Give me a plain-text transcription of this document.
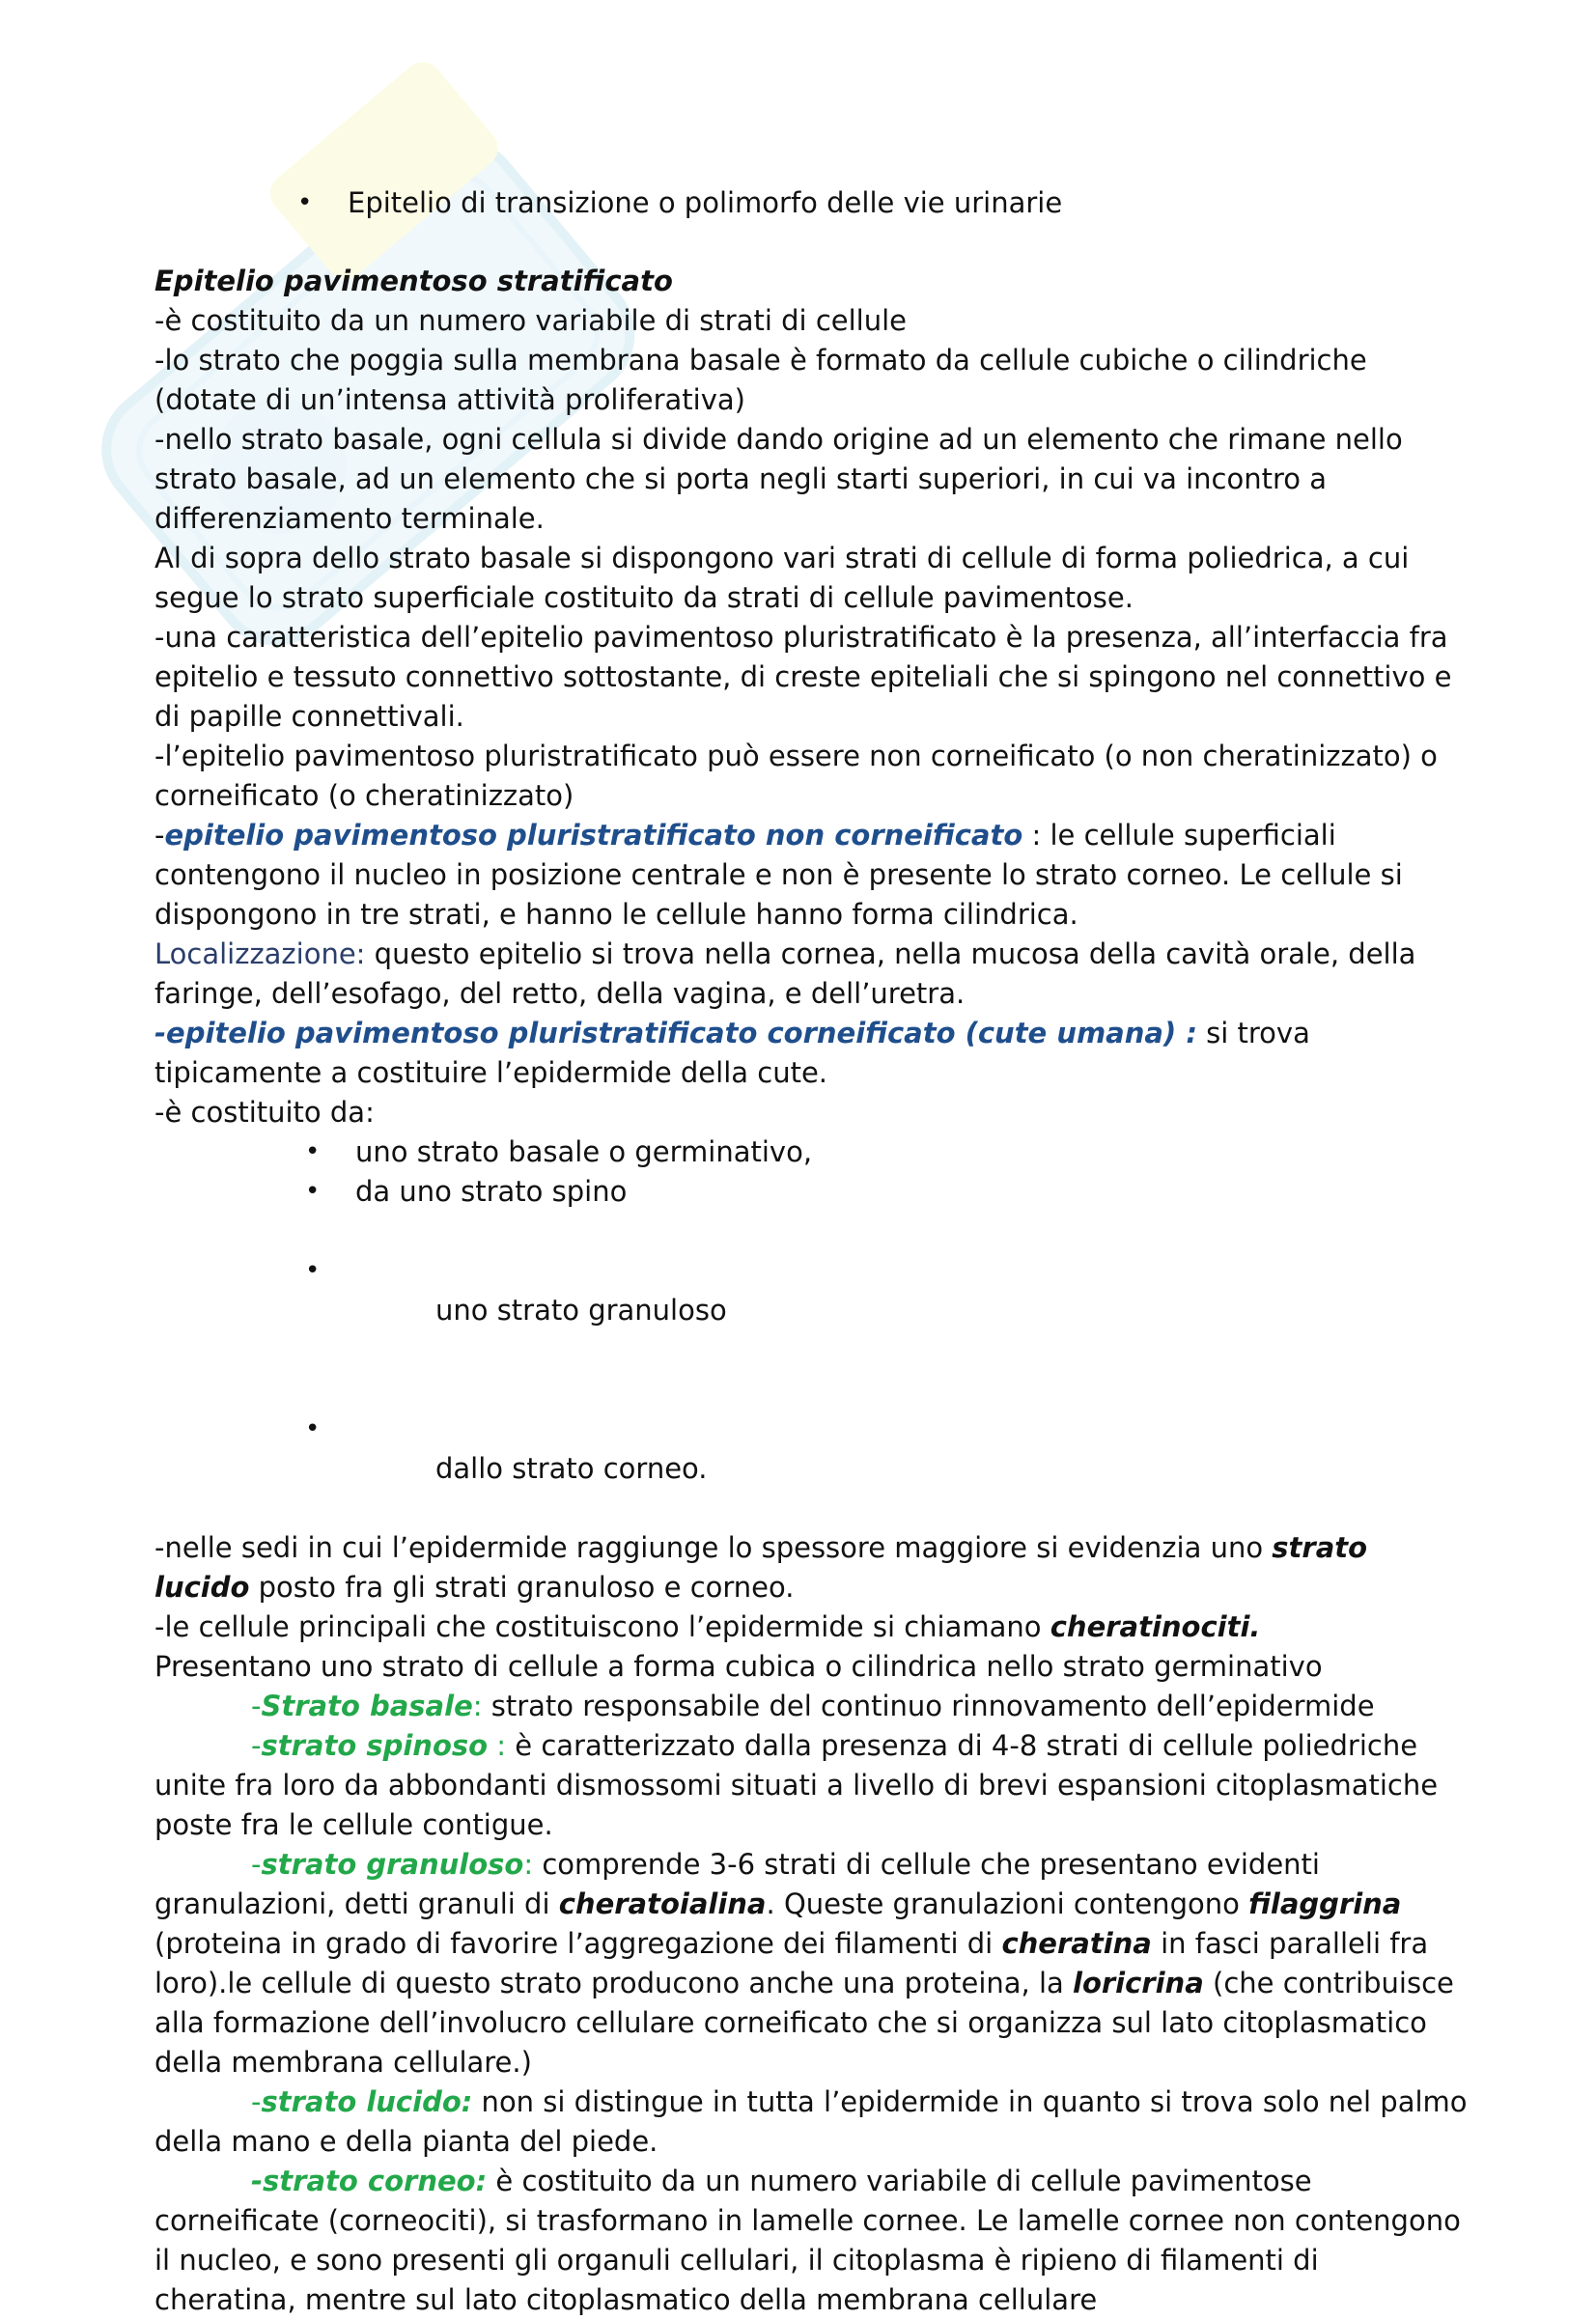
• Epitelio di transizione o polimorfo delle vie urinarie

Epitelio pavimentoso stratificato

-è costituito da un numero variabile di strati di cellule

-lo strato che poggia sulla membrana basale è formato da cellule cubiche o cilindriche (dotate di un’intensa attività proliferativa)

-nello strato basale, ogni cellula si divide dando origine ad un elemento che rimane nello strato basale, ad un elemento che si porta negli starti superiori, in cui va incontro a differenziamento terminale.

Al di sopra dello strato basale si dispongono vari strati di cellule di forma poliedrica, a cui segue lo strato superficiale costituito da strati di cellule pavimentose.

-una caratteristica dell’epitelio pavimentoso pluristratificato è la presenza, all’interfaccia fra epitelio e tessuto connettivo sottostante, di creste epiteliali che si spingono nel connettivo e di papille connettivali.

-l’epitelio pavimentoso pluristratificato può essere non corneificato (o non cheratinizzato) o corneificato (o cheratinizzato)

-epitelio pavimentoso pluristratificato non corneificato : le cellule superficiali contengono il nucleo in posizione centrale e non è presente lo strato corneo. Le cellule si dispongono in tre strati, e hanno le cellule hanno forma cilindrica.

Localizzazione: questo epitelio si trova nella cornea, nella mucosa della cavità orale, della faringe, dell’esofago, del retto, della vagina, e dell’uretra.

-epitelio pavimentoso pluristratificato corneificato (cute umana) : si trova tipicamente a costituire l’epidermide della cute.

-è costituito da:

• uno strato basale o germinativo,
• da uno strato spino

•

uno strato granuloso

•

dallo strato corneo.

-nelle sedi in cui l’epidermide raggiunge lo spessore maggiore si evidenzia uno strato lucido posto fra gli strati granuloso e corneo.

-le cellule principali che costituiscono l’epidermide si chiamano cheratinociti.

Presentano uno strato di cellule a forma cubica o cilindrica nello strato germinativo

-Strato basale: strato responsabile del continuo rinnovamento dell’epidermide

-strato spinoso : è caratterizzato dalla presenza di 4-8 strati di cellule poliedriche unite fra loro da abbondanti dismossomi situati a livello di brevi espansioni citoplasmatiche poste fra le cellule contigue.

-strato granuloso: comprende 3-6 strati di cellule che presentano evidenti granulazioni, detti granuli di cheratoialina. Queste granulazioni contengono filaggrina (proteina in grado di favorire l’aggregazione dei filamenti di cheratina in fasci paralleli fra loro).le cellule di questo strato producono anche una proteina, la loricrina (che contribuisce alla formazione dell’involucro cellulare corneificato che si organizza sul lato citoplasmatico della membrana cellulare.)

-strato lucido: non si distingue in tutta l’epidermide in quanto si trova solo nel palmo della mano e della pianta del piede.

-strato corneo: è costituito da un numero variabile di cellule pavimentose corneificate (corneociti), si trasformano in lamelle cornee. Le lamelle cornee non contengono il nucleo, e sono presenti gli organuli cellulari, il citoplasma è ripieno di filamenti di cheratina, mentre sul lato citoplasmatico della membrana cellulare
